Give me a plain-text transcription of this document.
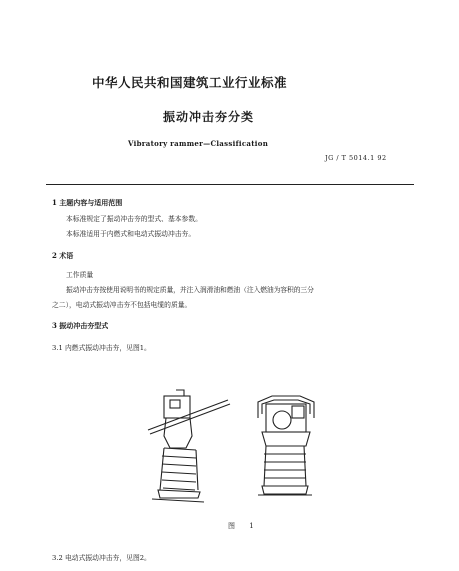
中华人民共和国建筑工业行业标准
振动冲击夯分类
Vibratory rammer—Classification
JG / T 5014.1 92
1 主题内容与适用范围
本标准规定了振动冲击夯的型式、基本参数。
本标准适用于内燃式和电动式振动冲击夯。
2 术语
工作质量
振动冲击夯按使用说明书的规定质量，并注入润滑油和燃油（注入燃油为容积的三分
之二），电动式振动冲击夯不包括电缆的质量。
3 振动冲击夯型式
3.1 内燃式振动冲击夯，见图1。
图 1
3.2 电动式振动冲击夯，见图2。
